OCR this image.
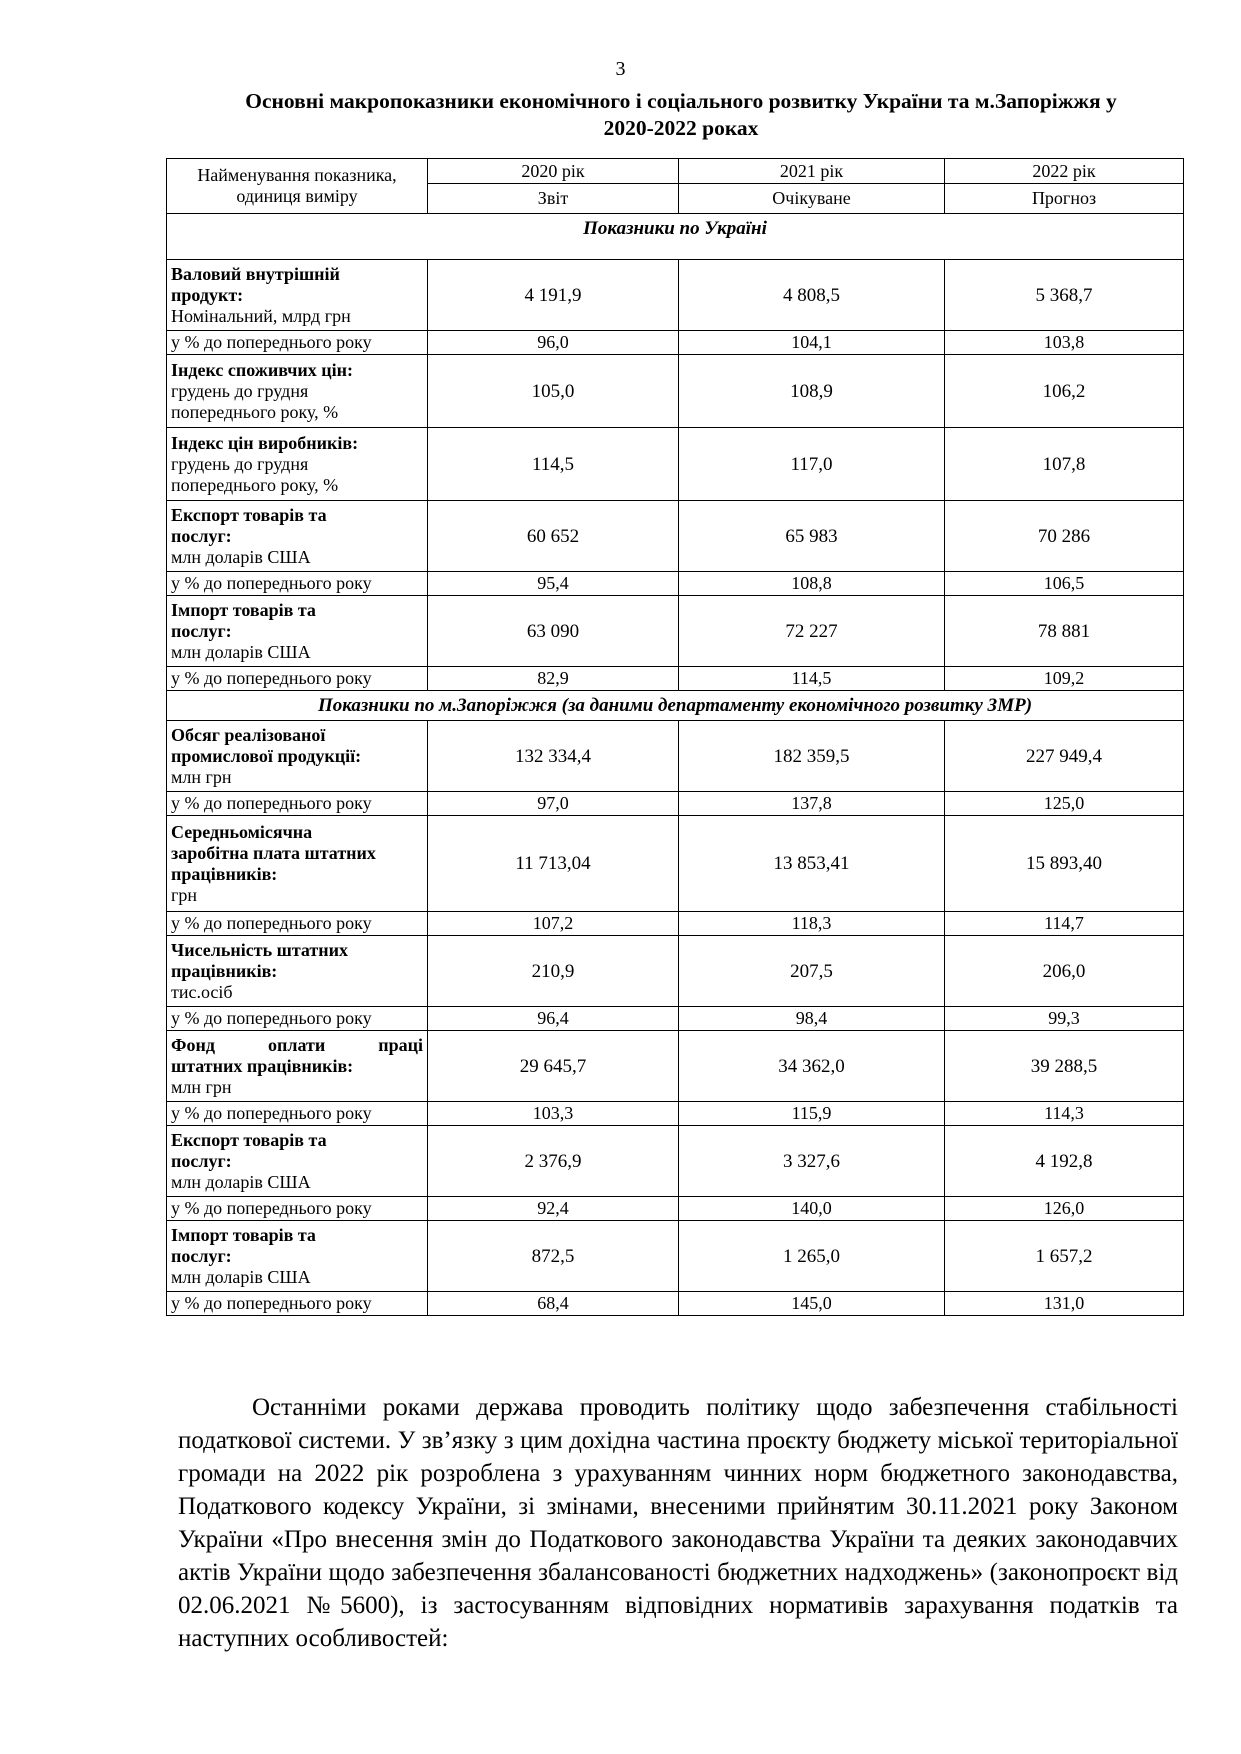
3
Основні макропоказники економічного і соціального розвитку України та м.Запоріжжя у
2020-2022 роках
Найменування показника,
одиниця виміру	2020 рік	2021 рік	2022 рік
	Звіт	Очікуване	Прогноз
Показники по Україні			

Валовий внутрішній
продукт:
Номінальний, млрд грн	4 191,9	4 808,5	5 368,7
у % до попереднього року	96,0	104,1	103,8

Індекс споживчих цін:
грудень до грудня
попереднього року, %	105,0	108,9	106,2

Індекс цін виробників:
грудень до грудня
попереднього року, %	114,5	117,0	107,8

Експорт товарів та
послуг:
млн доларів США	60 652	65 983	70 286
у % до попереднього року	95,4	108,8	106,5

Імпорт товарів та
послуг:
млн доларів США	63 090	72 227	78 881
у % до попереднього року	82,9	114,5	109,2
Показники по м.Запоріжжя (за даними департаменту економічного розвитку ЗМР)			

Обсяг реалізованої
промислової продукції:
млн грн	132 334,4	182 359,5	227 949,4
у % до попереднього року	97,0	137,8	125,0

Середньомісячна
заробітна плата штатних
працівників:
грн	11 713,04	13 853,41	15 893,40
у % до попереднього року	107,2	118,3	114,7

Чисельність штатних
працівників:
тис.осіб	210,9	207,5	206,0
у % до попереднього року	96,4	98,4	99,3

Фонд оплати праці
штатних працівників:
млн грн	29 645,7	34 362,0	39 288,5
у % до попереднього року	103,3	115,9	114,3

Експорт товарів та
послуг:
млн доларів США	2 376,9	3 327,6	4 192,8
у % до попереднього року	92,4	140,0	126,0

Імпорт товарів та
послуг:
млн доларів США	872,5	1 265,0	1 657,2
у % до попереднього року	68,4	145,0	131,0

Останніми роками держава проводить політику щодо забезпечення стабільності податкової системи. У зв’язку з цим дохідна частина проєкту бюджету міської територіальної громади на 2022 рік розроблена з урахуванням чинних норм бюджетного законодавства, Податкового кодексу України, зі змінами, внесеними прийнятим 30.11.2021 року Законом України «Про внесення змін до Податкового законодавства України та деяких законодавчих актів України щодо забезпечення збалансованості бюджетних надходжень» (законопроєкт від 02.06.2021 №5600), із застосуванням відповідних нормативів зарахування податків та наступних особливостей:
